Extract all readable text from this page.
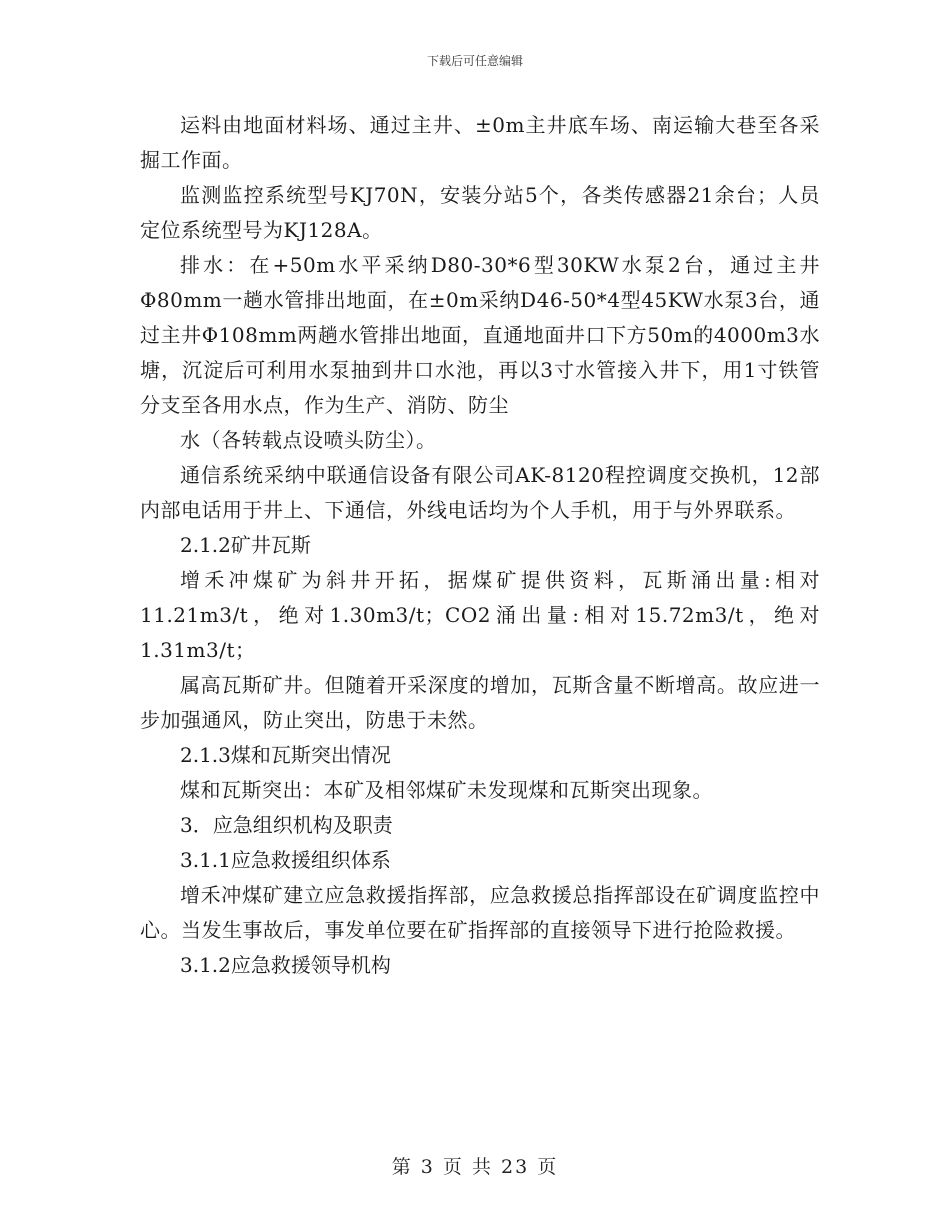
下载后可任意编辑

运料由地面材料场、通过主井、±0m主井底车场、南运输大巷至各采掘工作面。

监测监控系统型号KJ70N，安装分站5个，各类传感器21余台；人员定位系统型号为KJ128A。

排水：在+50m水平采纳D80-30*6型30KW水泵2台，通过主井Φ80mm一趟水管排出地面，在±0m采纳D46-50*4型45KW水泵3台，通过主井Φ108mm两趟水管排出地面，直通地面井口下方50m的4000m3水塘，沉淀后可利用水泵抽到井口水池，再以3寸水管接入井下，用1寸铁管分支至各用水点，作为生产、消防、防尘

水（各转载点设喷头防尘）。

通信系统采纳中联通信设备有限公司AK-8120程控调度交换机，12部内部电话用于井上、下通信，外线电话均为个人手机，用于与外界联系。

2.1.2矿井瓦斯

增禾冲煤矿为斜井开拓，据煤矿提供资料，瓦斯涌出量:相对11.21m3/t，绝对1.30m3/t；CO2涌出量:相对15.72m3/t，绝对1.31m3/t；

属高瓦斯矿井。但随着开采深度的增加，瓦斯含量不断增高。故应进一步加强通风，防止突出，防患于未然。

2.1.3煤和瓦斯突出情况

煤和瓦斯突出：本矿及相邻煤矿未发现煤和瓦斯突出现象。

3．应急组织机构及职责

3.1.1应急救援组织体系

增禾冲煤矿建立应急救援指挥部，应急救援总指挥部设在矿调度监控中心。当发生事故后，事发单位要在矿指挥部的直接领导下进行抢险救援。

3.1.2应急救援领导机构

第 3 页 共 23 页
